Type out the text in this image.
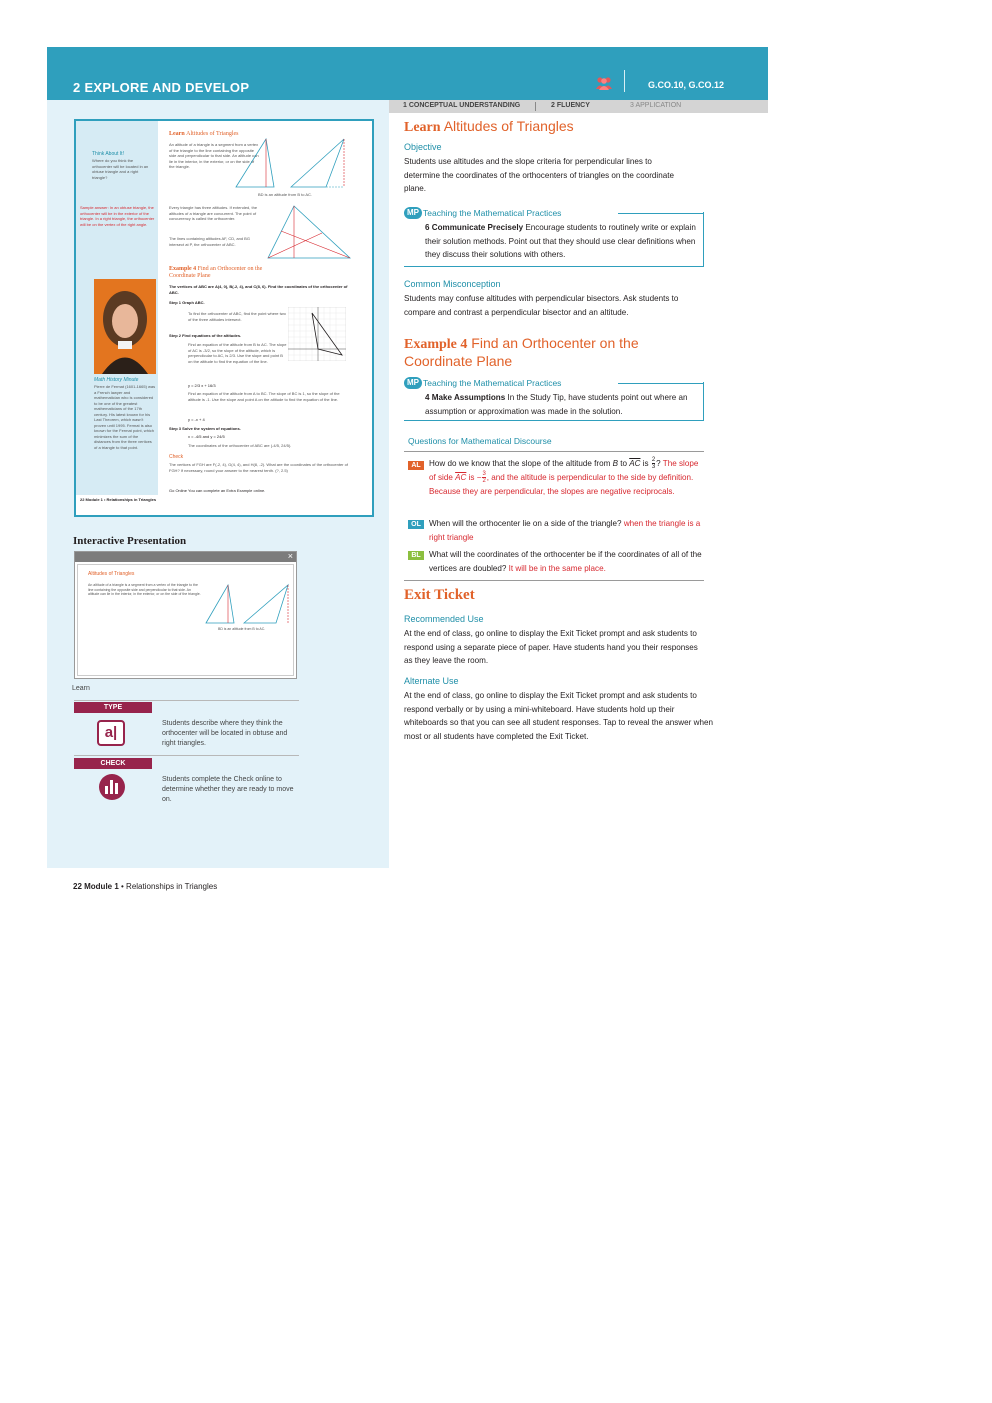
2 EXPLORE AND DEVELOP	G.CO.10, G.CO.12
Learn Altitudes of Triangles
Think About It!
Where do you think the orthocenter will be located in an obtuse triangle and a right triangle?
Sample answer: In an obtuse triangle, the orthocenter will be in the exterior of the triangle. In a right triangle, the orthocenter will be on the vertex of the right angle.
An altitude of a triangle is a segment from a vertex of the triangle to the line containing the opposite side and perpendicular to that side. An altitude can lie in the interior, in the exterior, or on the side of the triangle.
BD is an altitude from B to AC.
Every triangle has three altitudes. If extended, the altitudes of a triangle are concurrent. The point of concurrency is called the orthocenter.
The lines containing altitudes AF, CD, and BG intersect at P, the orthocenter of ABC.
Example 4 Find an Orthocenter on the Coordinate Plane
The vertices of ABC are A(4, 0), B(-2, 4), and C(8, 6). Find the coordinates of the orthocenter of ABC.
Step 1 Graph ABC.
To find the orthocenter of ABC, find the point where two of the three altitudes intersect.
Step 2 Find equations of the altitudes.
Find an equation of the altitude from B to AC. The slope of AC is -3/2, so the slope of the altitude, which is perpendicular to AC, is 2/3. Use the slope and point B on the altitude to find the equation of the line.
y = 2/3 x + 16/3
Find an equation of the altitude from A to BC. The slope of BC is 1, so the slope of the altitude is -1. Use the slope and point A on the altitude to find the equation of the line.
y = -x + 4
Step 3 Solve the system of equations.
x = -4/5 and y = 24/5
The coordinates of the orthocenter of ABC are (-4/5, 24/5).
Check
The vertices of FGH are F(-2, 4), G(4, 4), and H(8, -2). What are the coordinates of the orthocenter of FGH? If necessary, round your answer to the nearest tenth. (?, 2.5)
Go Online You can complete an Extra Example online.
22 Module 1 • Relationships in Triangles
Math History Minute
Pierre de Fermat (1601-1665) was a French lawyer and mathematician who is considered to be one of the greatest mathematicians of the 17th century. His latest known for his Last Theorem, which wasn't proven until 1995. Fermat is also known for the Fermat point, which minimizes the sum of the distances from the three vertices of a triangle to that point.
Interactive Presentation
×
Altitudes of Triangles
An altitude of a triangle is a segment from a vertex of the triangle to the line containing the opposite side and perpendicular to that side. An altitude can lie in the interior, in the exterior, or on the side of the triangle.
BD is an altitude from B to AC.
Learn
TYPE
a|
Students describe where they think the orthocenter will be located in obtuse and right triangles.
CHECK
Students complete the Check online to determine whether they are ready to move on.
22 Module 1 • Relationships in Triangles
1 CONCEPTUAL UNDERSTANDING	2 FLUENCY	3 APPLICATION
Learn Altitudes of Triangles
Objective
Students use altitudes and the slope criteria for perpendicular lines to determine the coordinates of the orthocenters of triangles on the coordinate plane.
MP Teaching the Mathematical Practices
6 Communicate Precisely Encourage students to routinely write or explain their solution methods. Point out that they should use clear definitions when they discuss their solutions with others.
Common Misconception
Students may confuse altitudes with perpendicular bisectors. Ask students to compare and contrast a perpendicular bisector and an altitude.
Example 4 Find an Orthocenter on the Coordinate Plane
MP Teaching the Mathematical Practices
4 Make Assumptions In the Study Tip, have students point out where an assumption or approximation was made in the solution.
Questions for Mathematical Discourse
AL	How do we know that the slope of the altitude from B to $\overline{AC}$ is $\frac{2}{3}$ ? The slope of side $\overline{AC}$ is − $\frac{3}{2}$ , and the altitude is perpendicular to the side by definition. Because they are perpendicular, the slopes are negative reciprocals.
OL	When will the orthocenter lie on a side of the triangle? when the triangle is a right triangle
BL	What will the coordinates of the orthocenter be if the coordinates of all of the vertices are doubled? It will be in the same place.
Exit Ticket
Recommended Use
At the end of class, go online to display the Exit Ticket prompt and ask students to respond using a separate piece of paper. Have students hand you their responses as they leave the room.
Alternate Use
At the end of class, go online to display the Exit Ticket prompt and ask students to respond verbally or by using a mini-whiteboard. Have students hold up their whiteboards so that you can see all student responses. Tap to reveal the answer when most or all students have completed the Exit Ticket.
